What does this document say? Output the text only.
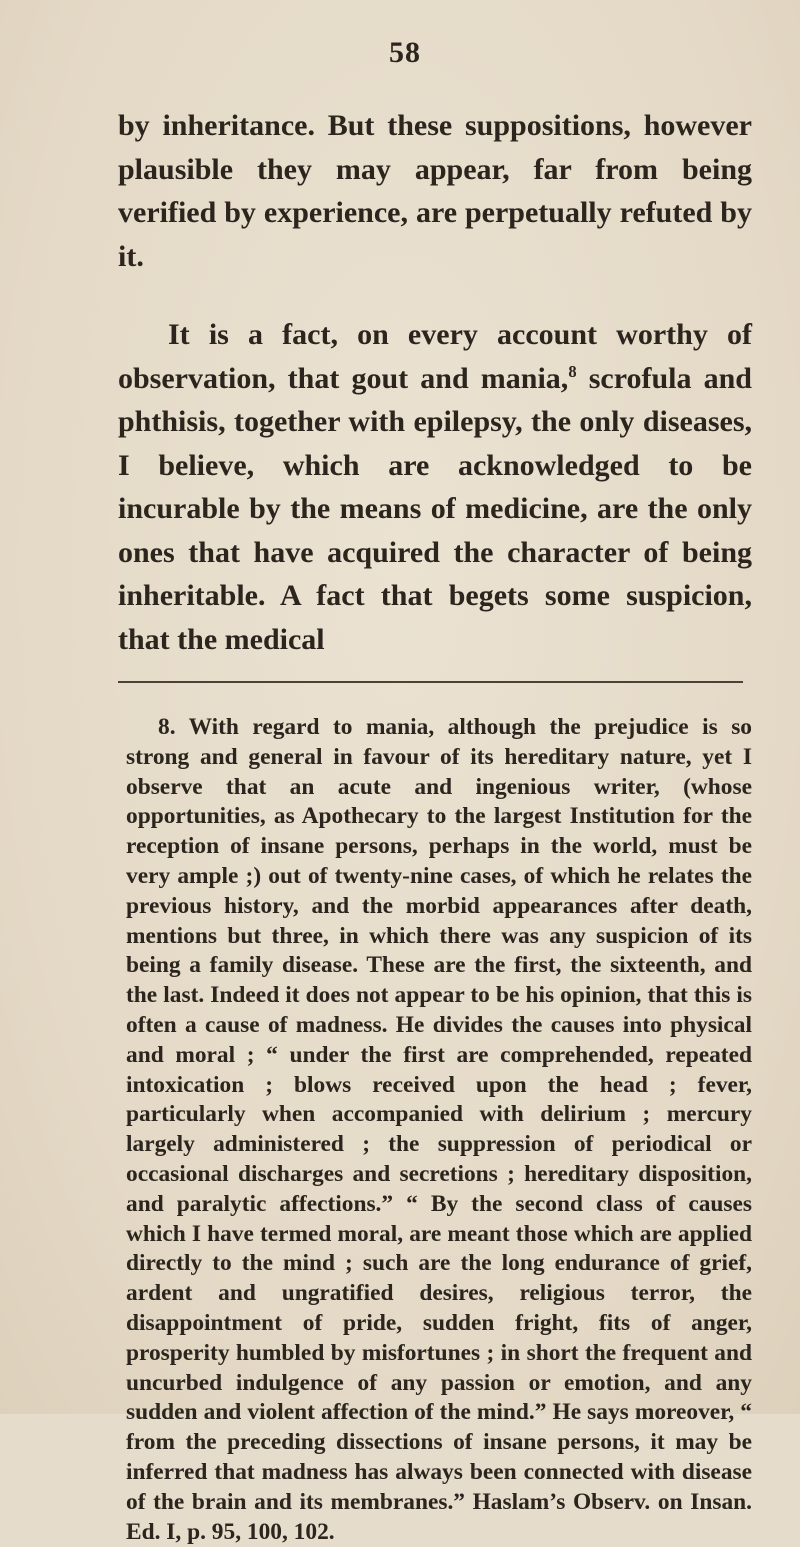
58

by inheritance. But these suppositions, however plausible they may appear, far from being verified by experience, are perpetually refuted by it.

It is a fact, on every account worthy of observation, that gout and mania,$^8$ scrofula and phthisis, together with epilepsy, the only diseases, I believe, which are acknowledged to be incurable by the means of medicine, are the only ones that have acquired the character of being inheritable. A fact that begets some suspicion, that the medical

8. With regard to mania, although the prejudice is so strong and general in favour of its hereditary nature, yet I observe that an acute and ingenious writer, (whose opportunities, as Apothecary to the largest Institution for the reception of insane persons, perhaps in the world, must be very ample ;) out of twenty-nine cases, of which he relates the previous history, and the morbid appearances after death, mentions but three, in which there was any suspicion of its being a family disease. These are the first, the sixteenth, and the last. Indeed it does not appear to be his opinion, that this is often a cause of madness. He divides the causes into physical and moral ; “ under the first are comprehended, repeated intoxication ; blows received upon the head ; fever, particularly when accompanied with delirium ; mercury largely administered ; the suppression of periodical or occasional discharges and secretions ; hereditary disposition, and paralytic affections.” “ By the second class of causes which I have termed moral, are meant those which are applied directly to the mind ; such are the long endurance of grief, ardent and ungratified desires, religious terror, the disappointment of pride, sudden fright, fits of anger, prosperity humbled by misfortunes ; in short the frequent and uncurbed indulgence of any passion or emotion, and any sudden and violent affection of the mind.” He says moreover, “ from the preceding dissections of insane persons, it may be inferred that madness has always been connected with disease of the brain and its membranes.” Haslam’s Observ. on Insan. Ed. I, p. 95, 100, 102.
